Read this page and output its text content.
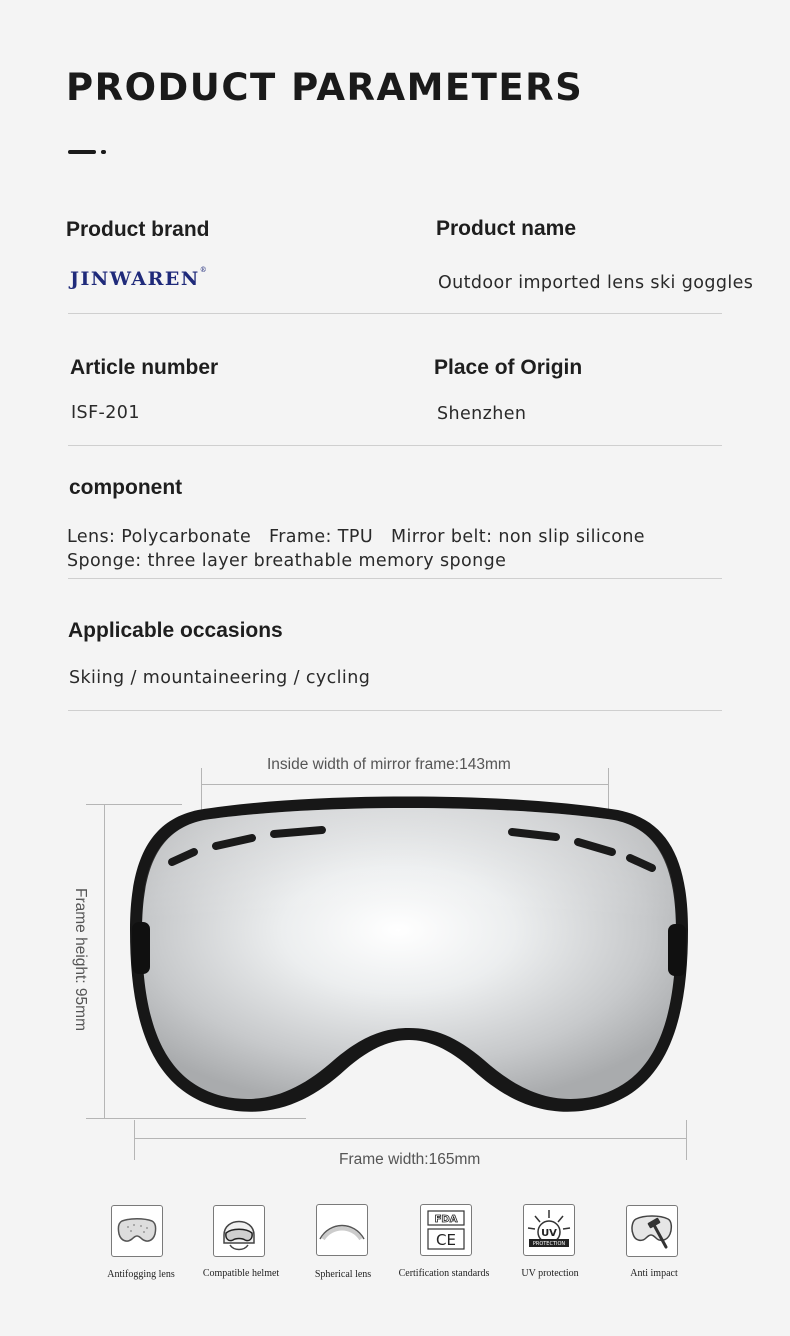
PRODUCT PARAMETERS
Product brand	Product name
JINWAREN®
Outdoor imported lens ski goggles
Article number	Place of Origin
ISF-201	Shenzhen
component
Lens: Polycarbonate   Frame: TPU   Mirror belt: non slip silicone
Sponge: three layer breathable memory sponge
Applicable occasions
Skiing / mountaineering / cycling
Inside width of mirror frame:143mm
Frame height: 95mm
Frame width:165mm
FDA
CE	UV
PROTECTION
Antifogging lens	Compatible helmet	Spherical lens	Certification standards	UV protection	Anti impact
